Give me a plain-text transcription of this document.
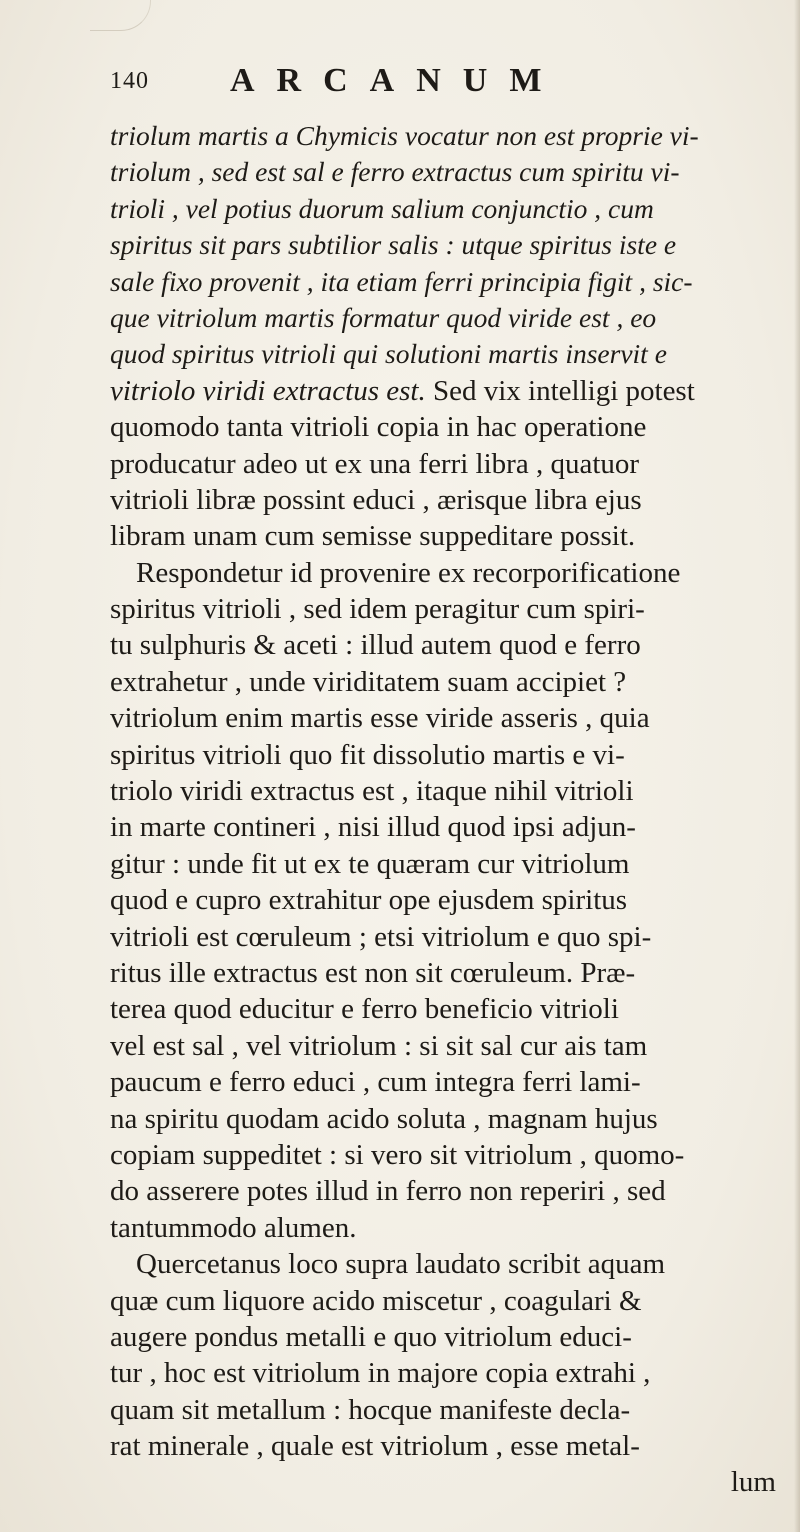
140 ARCANUM
triolum martis a Chymicis vocatur non est proprie vi-
triolum , sed est sal e ferro extractus cum spiritu vi-
trioli , vel potius duorum salium conjunctio , cum
spiritus sit pars subtilior salis : utque spiritus iste e
sale fixo provenit , ita etiam ferri principia figit , sic-
que vitriolum martis formatur quod viride est , eo
quod spiritus vitrioli qui solutioni martis inservit e
vitriolo viridi extractus est. Sed vix intelligi potest
quomodo tanta vitrioli copia in hac operatione
producatur adeo ut ex una ferri libra , quatuor
vitrioli libræ possint educi , ærisque libra ejus
libram unam cum semisse suppeditare possit.
Respondetur id provenire ex recorporificatione
spiritus vitrioli , sed idem peragitur cum spiri-
tu sulphuris & aceti : illud autem quod e ferro
extrahetur , unde viriditatem suam accipiet ?
vitriolum enim martis esse viride asseris , quia
spiritus vitrioli quo fit dissolutio martis e vi-
triolo viridi extractus est , itaque nihil vitrioli
in marte contineri , nisi illud quod ipsi adjun-
gitur : unde fit ut ex te quæram cur vitriolum
quod e cupro extrahitur ope ejusdem spiritus
vitrioli est cœruleum ; etsi vitriolum e quo spi-
ritus ille extractus est non sit cœruleum. Præ-
terea quod educitur e ferro beneficio vitrioli
vel est sal , vel vitriolum : si sit sal cur ais tam
paucum e ferro educi , cum integra ferri lami-
na spiritu quodam acido soluta , magnam hujus
copiam suppeditet : si vero sit vitriolum , quomo-
do asserere potes illud in ferro non reperiri , sed
tantummodo alumen.
Quercetanus loco supra laudato scribit aquam
quæ cum liquore acido miscetur , coagulari &
augere pondus metalli e quo vitriolum educi-
tur , hoc est vitriolum in majore copia extrahi ,
quam sit metallum : hocque manifeste decla-
rat minerale , quale est vitriolum , esse metal-
lum
